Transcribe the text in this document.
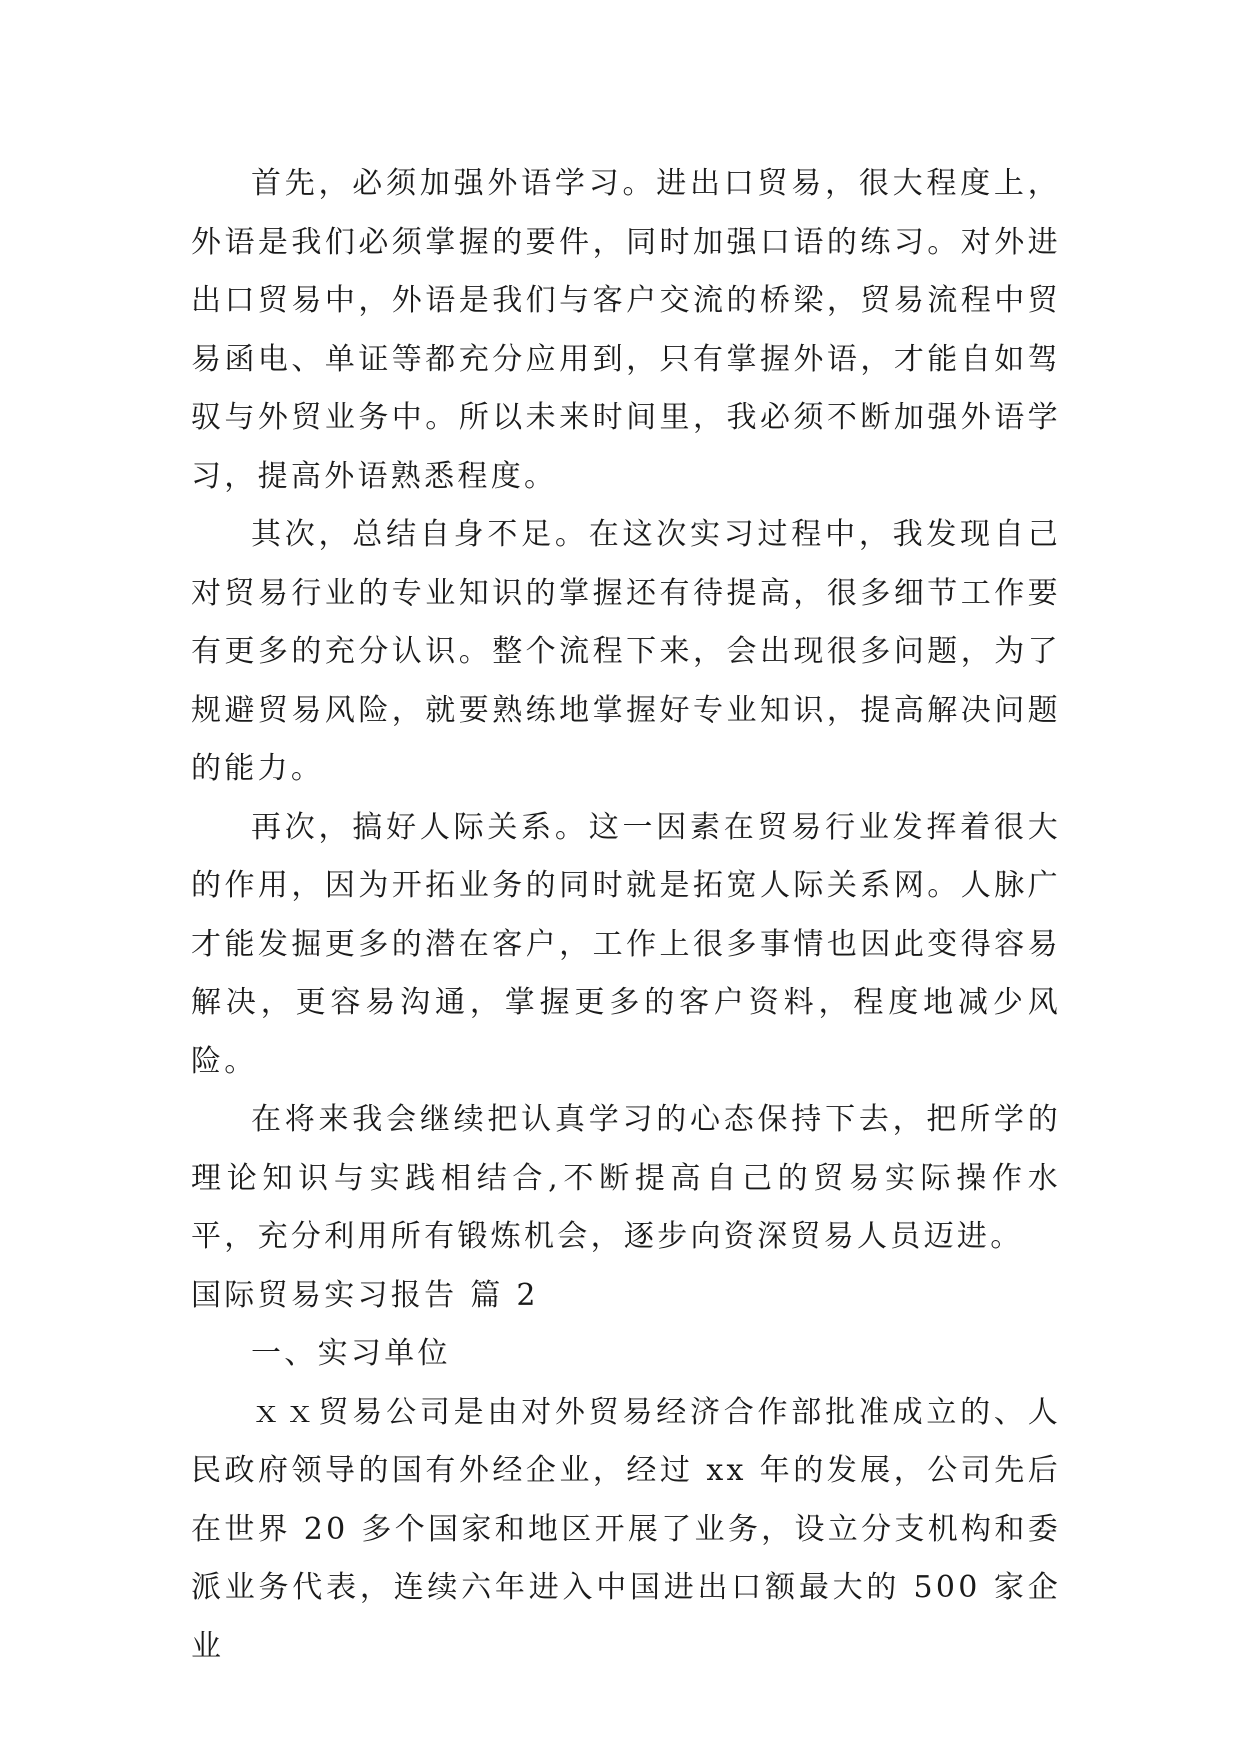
首先，必须加强外语学习。进出口贸易，很大程度上，外语是我们必须掌握的要件，同时加强口语的练习。对外进出口贸易中，外语是我们与客户交流的桥梁，贸易流程中贸易函电、单证等都充分应用到，只有掌握外语，才能自如驾驭与外贸业务中。所以未来时间里，我必须不断加强外语学习，提高外语熟悉程度。

其次，总结自身不足。在这次实习过程中，我发现自己对贸易行业的专业知识的掌握还有待提高，很多细节工作要有更多的充分认识。整个流程下来，会出现很多问题，为了规避贸易风险，就要熟练地掌握好专业知识，提高解决问题的能力。

再次，搞好人际关系。这一因素在贸易行业发挥着很大的作用，因为开拓业务的同时就是拓宽人际关系网。人脉广才能发掘更多的潜在客户，工作上很多事情也因此变得容易解决，更容易沟通，掌握更多的客户资料，程度地减少风险。

在将来我会继续把认真学习的心态保持下去，把所学的理论知识与实践相结合,不断提高自己的贸易实际操作水平，充分利用所有锻炼机会，逐步向资深贸易人员迈进。

国际贸易实习报告 篇 2

一、实习单位

ｘｘ贸易公司是由对外贸易经济合作部批准成立的、人民政府领导的国有外经企业，经过 xx 年的发展，公司先后在世界 20 多个国家和地区开展了业务，设立分支机构和委派业务代表，连续六年进入中国进出口额最大的 500 家企业
